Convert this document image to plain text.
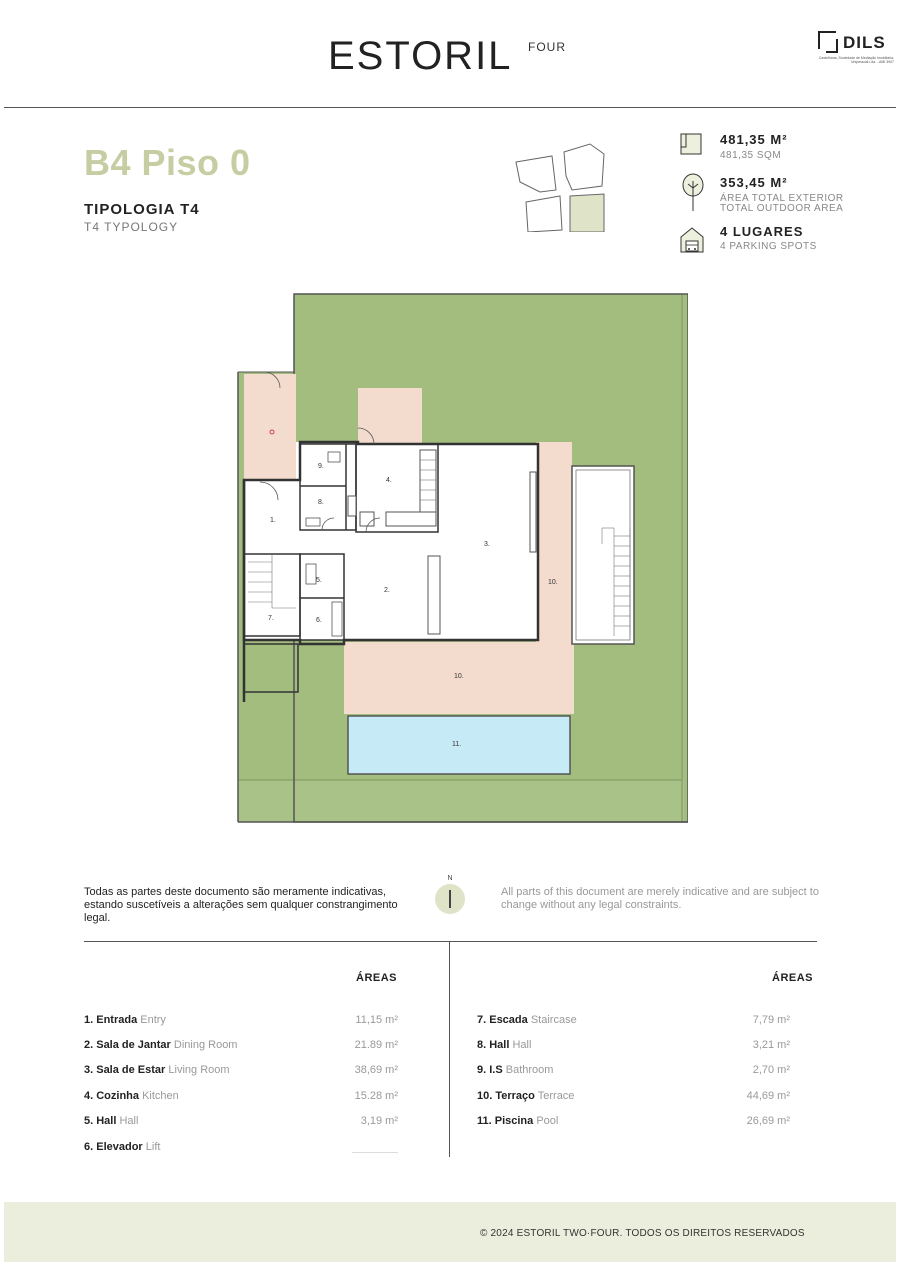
ESTORIL FOUR	DILS
Castelhana, Sociedade de Mediação Imobiliária, Unipessoal Lda. - AMI 3907
B4 Piso 0
TIPOLOGIA T4
T4 TYPOLOGY
481,35 M²
481,35 SQM
353,45 M²
ÁREA TOTAL EXTERIOR
TOTAL OUTDOOR AREA
4 LUGARES
4 PARKING SPOTS
1.
2.
3.
4.
5.
6.
7.
8.
9.
10.
10.
11.
Todas as partes deste documento são meramente indicativas, estando suscetíveis a alterações sem qualquer constrangimento legal.
N
All parts of this document are merely indicative and are subject to change without any legal constraints.
ÁREAS
1. Entrada Entry	11,15 m²
2. Sala de Jantar Dining Room	21.89 m²
3. Sala de Estar Living Room	38,69 m²
4. Cozinha Kitchen	15.28 m²
5. Hall Hall	3,19 m²
6. Elevador Lift
ÁREAS
7. Escada Staircase	7,79 m²
8. Hall Hall	3,21 m²
9. I.S Bathroom	2,70 m²
10. Terraço Terrace	44,69 m²
11. Piscina Pool	26,69 m²
© 2024 ESTORIL TWO·FOUR. TODOS OS DIREITOS RESERVADOS
